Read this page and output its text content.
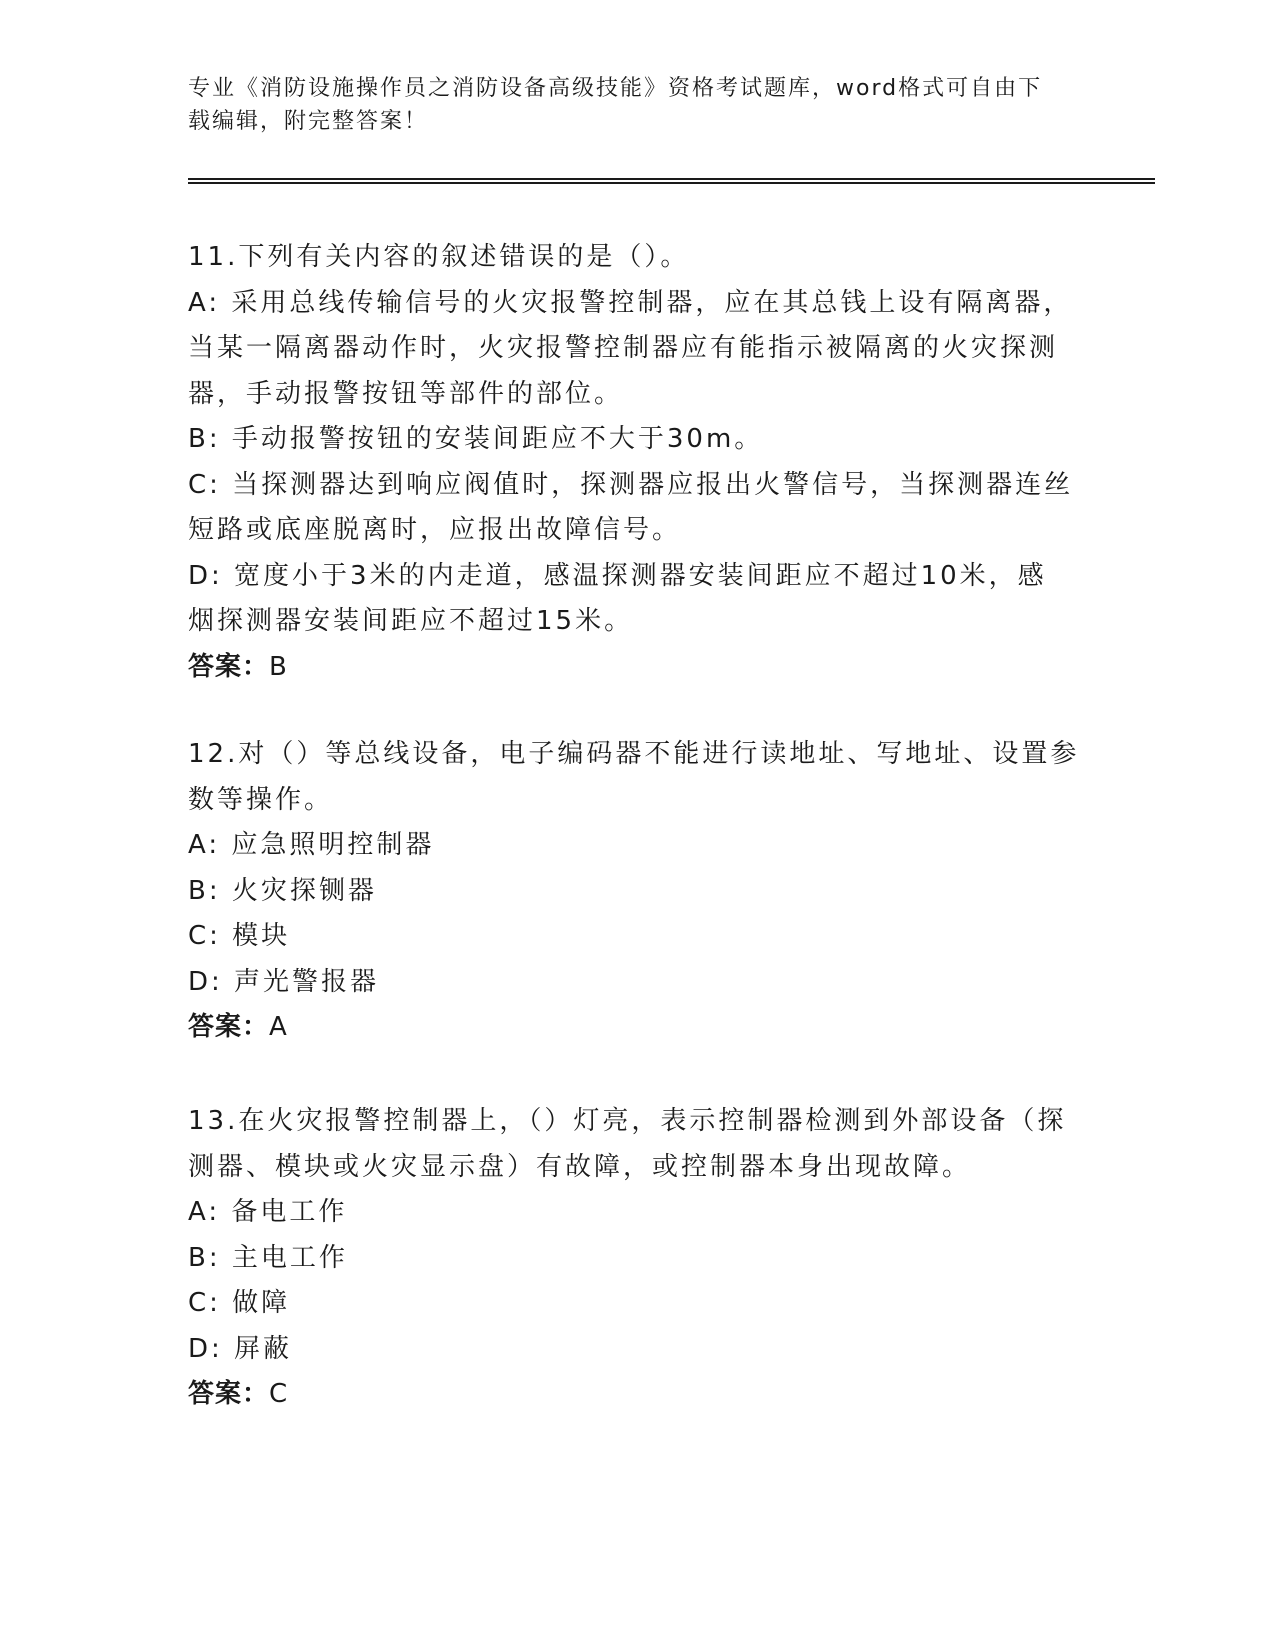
专业《消防设施操作员之消防设备高级技能》资格考试题库，word格式可自由下
载编辑，附完整答案！

11.下列有关内容的叙述错误的是（）。

A: 采用总线传输信号的火灾报警控制器，应在其总钱上设有隔离器，

当某一隔离器动作时，火灾报警控制器应有能指示被隔离的火灾探测

器，手动报警按钮等部件的部位。

B: 手动报警按钮的安装间距应不大于30m。

C: 当探测器达到响应阀值时，探测器应报出火警信号，当探测器连丝

短路或底座脱离时，应报出故障信号。

D: 宽度小于3米的内走道，感温探测器安装间距应不超过10米，感

烟探测器安装间距应不超过15米。

答案：B

12.对（）等总线设备，电子编码器不能进行读地址、写地址、设置参

数等操作。

A: 应急照明控制器

B: 火灾探铡器

C: 模块

D: 声光警报器

答案：A

13.在火灾报警控制器上，（）灯亮，表示控制器检测到外部设备（探

测器、模块或火灾显示盘）有故障，或控制器本身出现故障。

A: 备电工作

B: 主电工作

C: 做障

D: 屏蔽

答案：C
